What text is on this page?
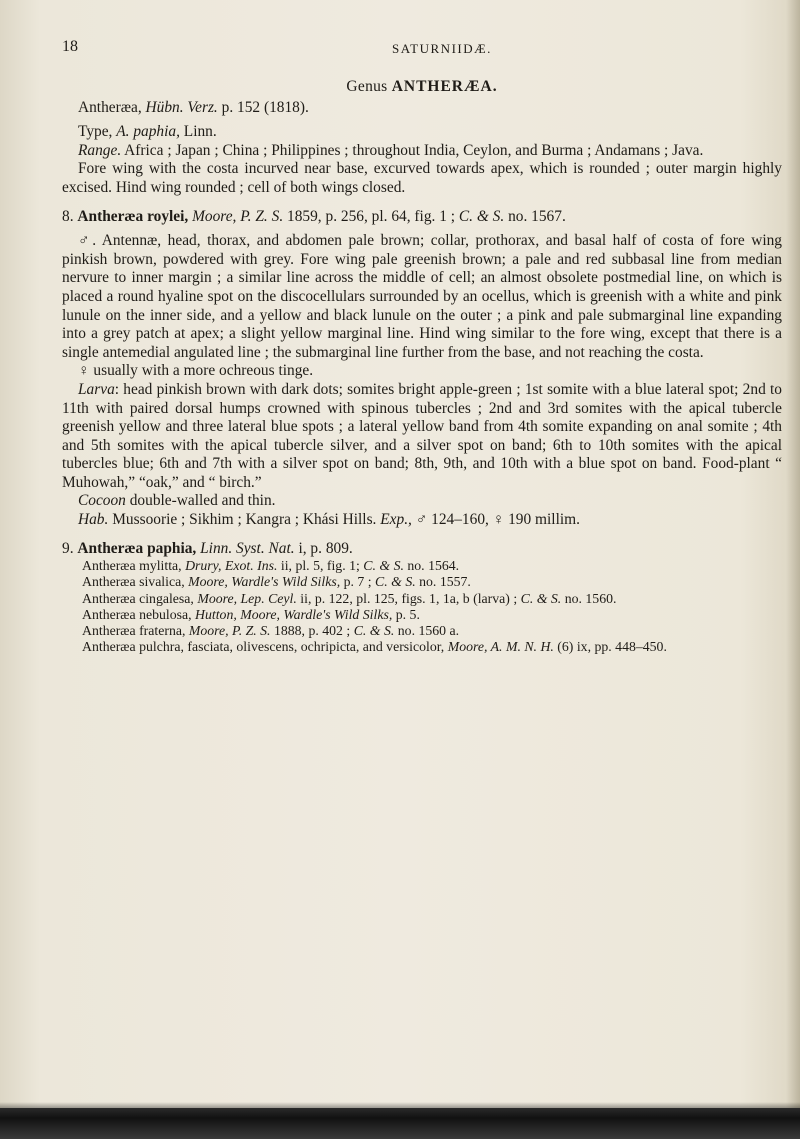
18	SATURNIIDÆ.
Genus ANTHERÆA.

Antheræa, Hübn. Verz. p. 152 (1818).

Type, A. paphia, Linn.

Range. Africa ; Japan ; China ; Philippines ; throughout India, Ceylon, and Burma ; Andamans ; Java.

Fore wing with the costa incurved near base, excurved towards apex, which is rounded ; outer margin highly excised. Hind wing rounded ; cell of both wings closed.

8. Antheræa roylei, Moore, P. Z. S. 1859, p. 256, pl. 64, fig. 1 ; C. & S. no. 1567.

♂. Antennæ, head, thorax, and abdomen pale brown; collar, prothorax, and basal half of costa of fore wing pinkish brown, powdered with grey. Fore wing pale greenish brown; a pale and red subbasal line from median nervure to inner margin ; a similar line across the middle of cell; an almost obsolete postmedial line, on which is placed a round hyaline spot on the discocellulars surrounded by an ocellus, which is greenish with a white and pink lunule on the inner side, and a yellow and black lunule on the outer ; a pink and pale submarginal line expanding into a grey patch at apex; a slight yellow marginal line. Hind wing similar to the fore wing, except that there is a single antemedial angulated line ; the submarginal line further from the base, and not reaching the costa.

♀ usually with a more ochreous tinge.

Larva: head pinkish brown with dark dots; somites bright apple-green ; 1st somite with a blue lateral spot; 2nd to 11th with paired dorsal humps crowned with spinous tubercles ; 2nd and 3rd somites with the apical tubercle greenish yellow and three lateral blue spots ; a lateral yellow band from 4th somite expanding on anal somite ; 4th and 5th somites with the apical tubercle silver, and a silver spot on band; 6th to 10th somites with the apical tubercles blue; 6th and 7th with a silver spot on band; 8th, 9th, and 10th with a blue spot on band. Food-plant “ Muhowah,” “oak,” and “ birch.”

Cocoon double-walled and thin.

Hab. Mussoorie ; Sikhim ; Kangra ; Khási Hills. Exp., ♂ 124–160, ♀ 190 millim.

9. Antheræa paphia, Linn. Syst. Nat. i, p. 809.

Antheræa mylitta, Drury, Exot. Ins. ii, pl. 5, fig. 1; C. & S. no. 1564.

Antheræa sivalica, Moore, Wardle's Wild Silks, p. 7 ; C. & S. no. 1557.

Antheræa cingalesa, Moore, Lep. Ceyl. ii, p. 122, pl. 125, figs. 1, 1a, b (larva) ; C. & S. no. 1560.

Antheræa nebulosa, Hutton, Moore, Wardle's Wild Silks, p. 5.

Antheræa fraterna, Moore, P. Z. S. 1888, p. 402 ; C. & S. no. 1560 a.

Antheræa pulchra, fasciata, olivescens, ochripicta, and versicolor, Moore, A. M. N. H. (6) ix, pp. 448–450.
